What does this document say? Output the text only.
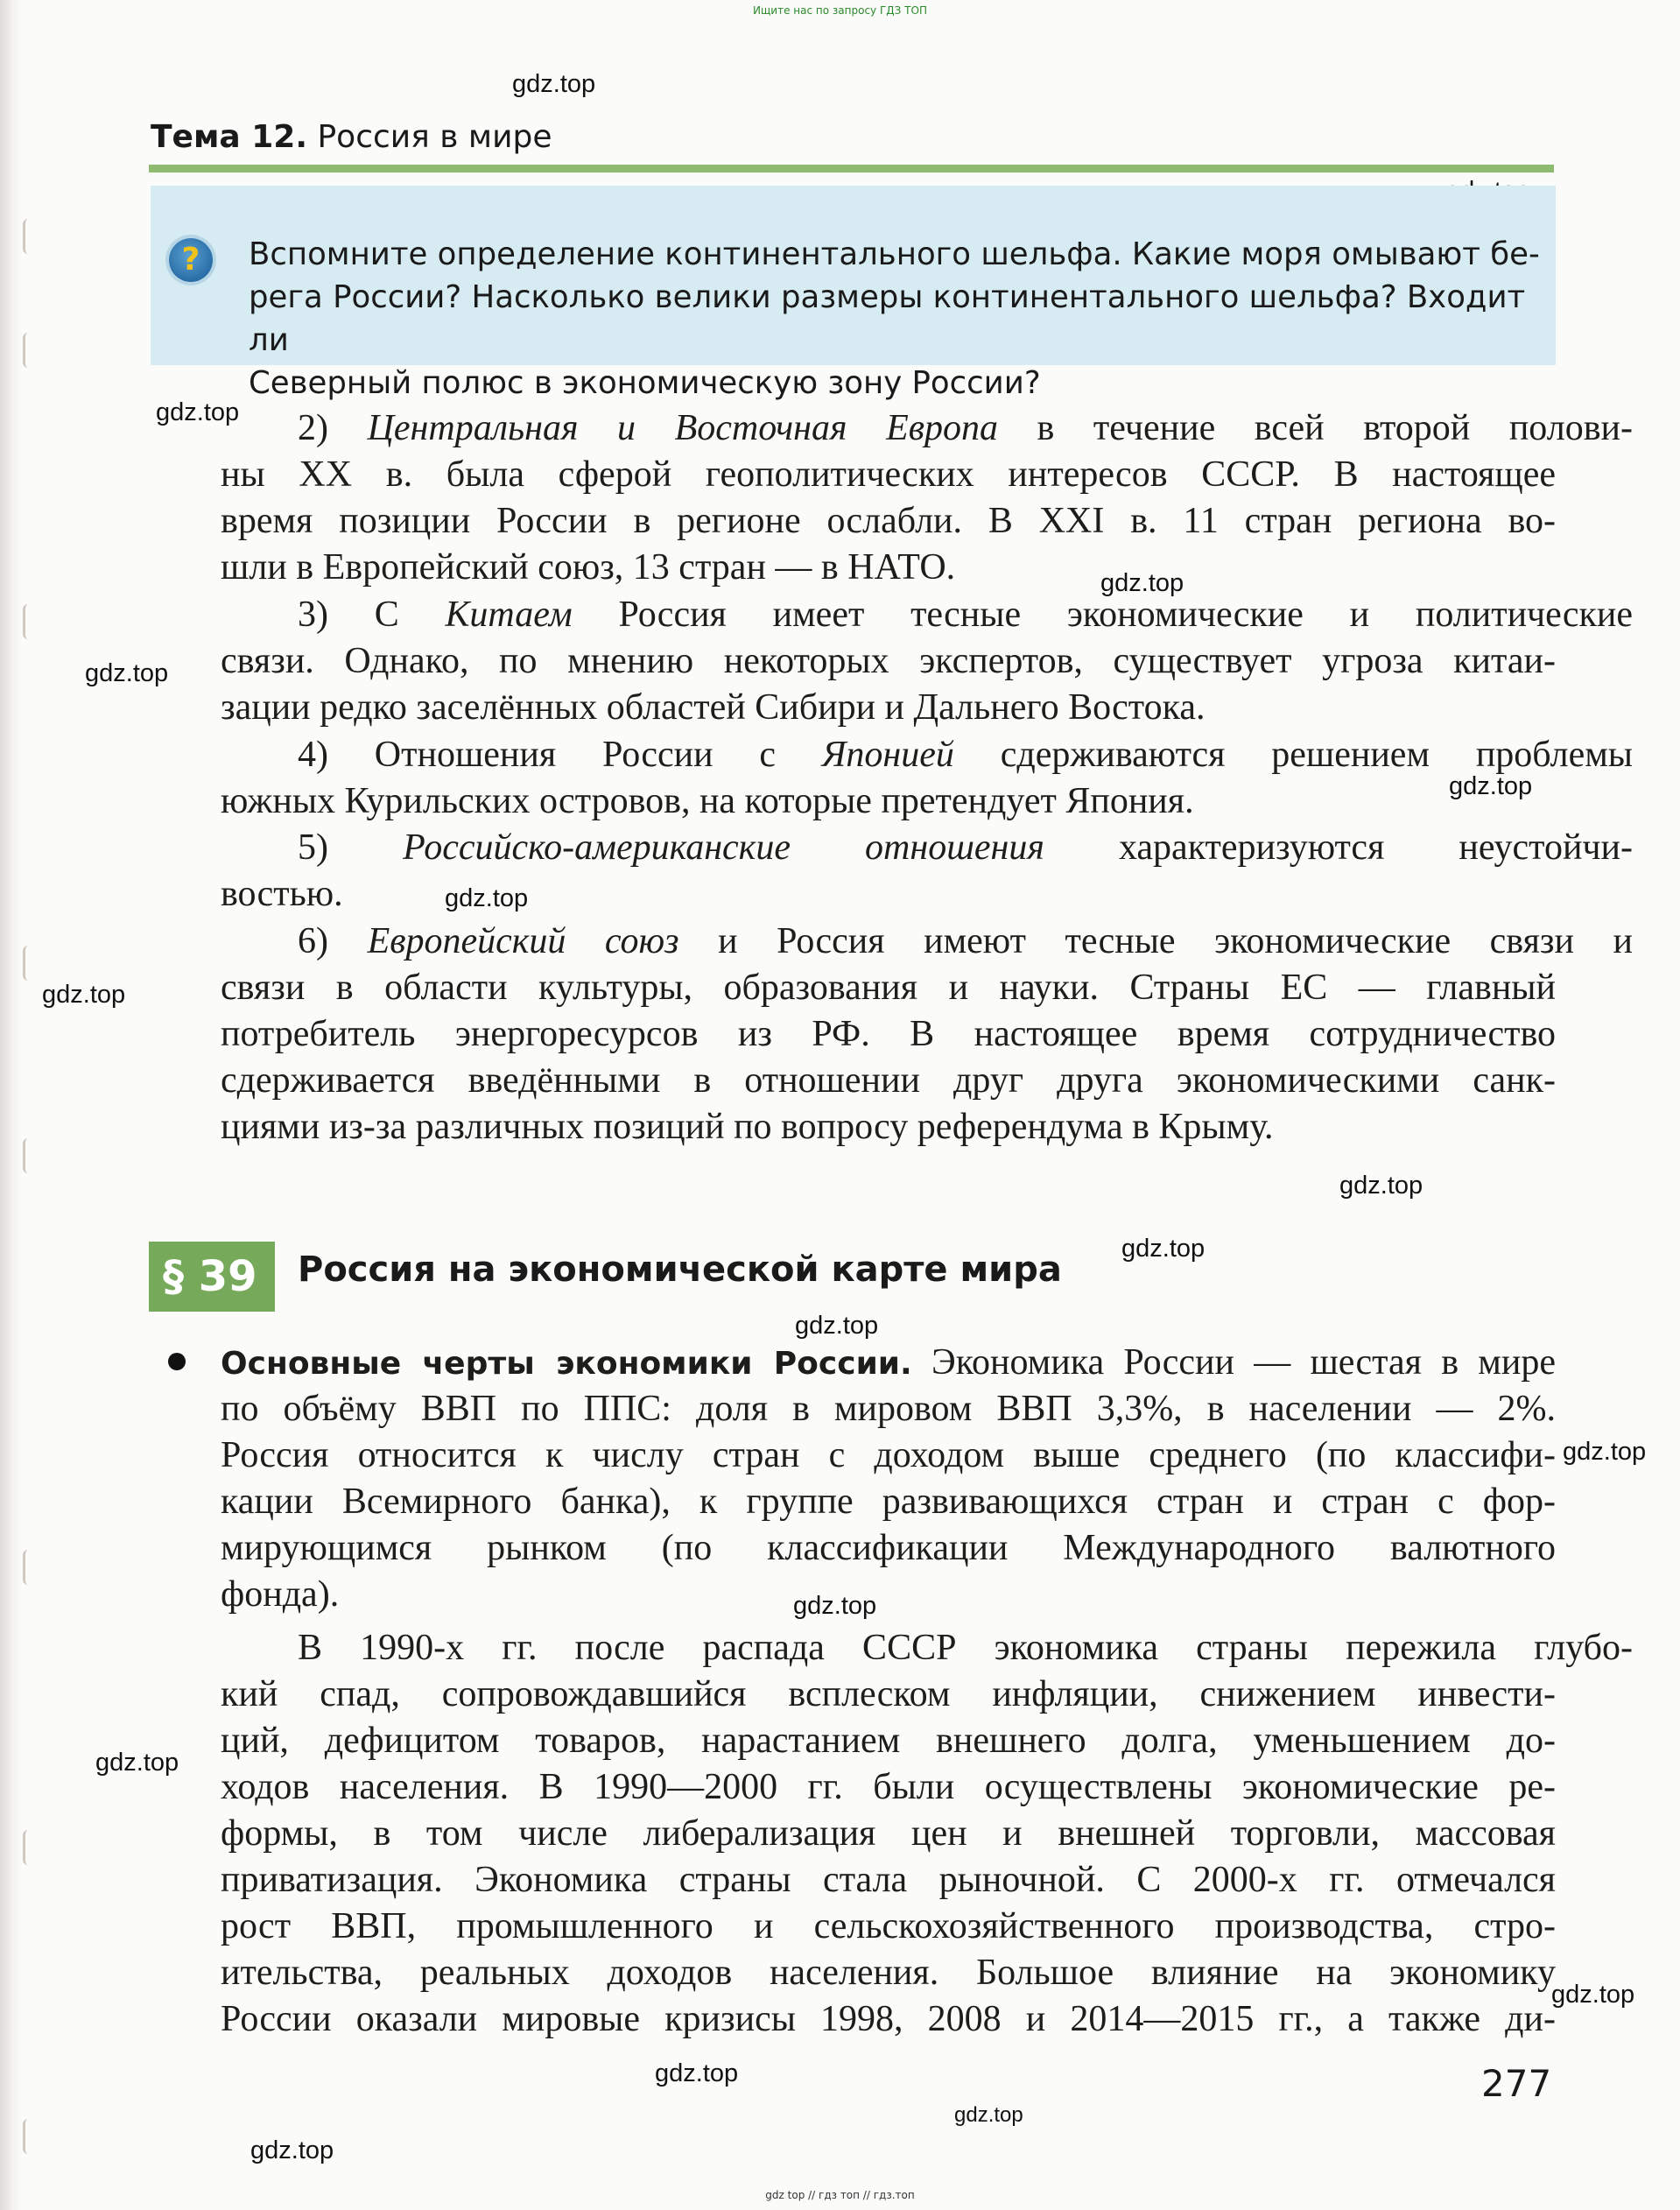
Ищите нас по запросу ГДЗ ТОП
gdz.top
gdz.top
gdz.top
gdz.top
gdz.top
gdz.top
gdz.top
gdz.top
gdz.top
gdz.top
gdz.top
gdz.top
gdz.top
gdz.top
gdz.top
gdz.top
gdz.top
Тема 12. Россия в мире
?	Вспомните определение континентального шельфа. Какие моря омывают бе-
рега России? Насколько велики размеры континентального шельфа? Входит ли
Северный полюс в экономическую зону России?
2) Центральная и Восточная Европа в течение всей второй полови-
ны XX в. была сферой геополитических интересов СССР. В настоящее
время позиции России в регионе ослабли. В XXI в. 11 стран региона во-
шли в Европейский союз, 13 стран — в НАТО.
3) С Китаем Россия имеет тесные экономические и политические
связи. Однако, по мнению некоторых экспертов, существует угроза китаи-
зации редко заселённых областей Сибири и Дальнего Востока.
4) Отношения России с Японией сдерживаются решением проблемы
южных Курильских островов, на которые претендует Япония.
5) Российско-американские отношения характеризуются неустойчи-
востью.
6) Европейский союз и Россия имеют тесные экономические связи и
связи в области культуры, образования и науки. Страны ЕС — главный
потребитель энергоресурсов из РФ. В настоящее время сотрудничество
сдерживается введёнными в отношении друг друга экономическими санк-
циями из-за различных позиций по вопросу референдума в Крыму.
§ 39 Россия на экономической карте мира
Основные черты экономики России. Экономика России — шестая в мире
по объёму ВВП по ППС: доля в мировом ВВП 3,3%, в населении — 2%.
Россия относится к числу стран с доходом выше среднего (по классифи-
кации Всемирного банка), к группе развивающихся стран и стран с фор-
мирующимся рынком (по классификации Международного валютного
фонда).
В 1990-х гг. после распада СССР экономика страны пережила глубо-
кий спад, сопровождавшийся всплеском инфляции, снижением инвести-
ций, дефицитом товаров, нарастанием внешнего долга, уменьшением до-
ходов населения. В 1990—2000 гг. были осуществлены экономические ре-
формы, в том числе либерализация цен и внешней торговли, массовая
приватизация. Экономика страны стала рыночной. С 2000-х гг. отмечался
рост ВВП, промышленного и сельскохозяйственного производства, стро-
ительства, реальных доходов населения. Большое влияние на экономику
России оказали мировые кризисы 1998, 2008 и 2014—2015 гг., а также ди-
277
gdz top // гдз топ // гдз.топ
